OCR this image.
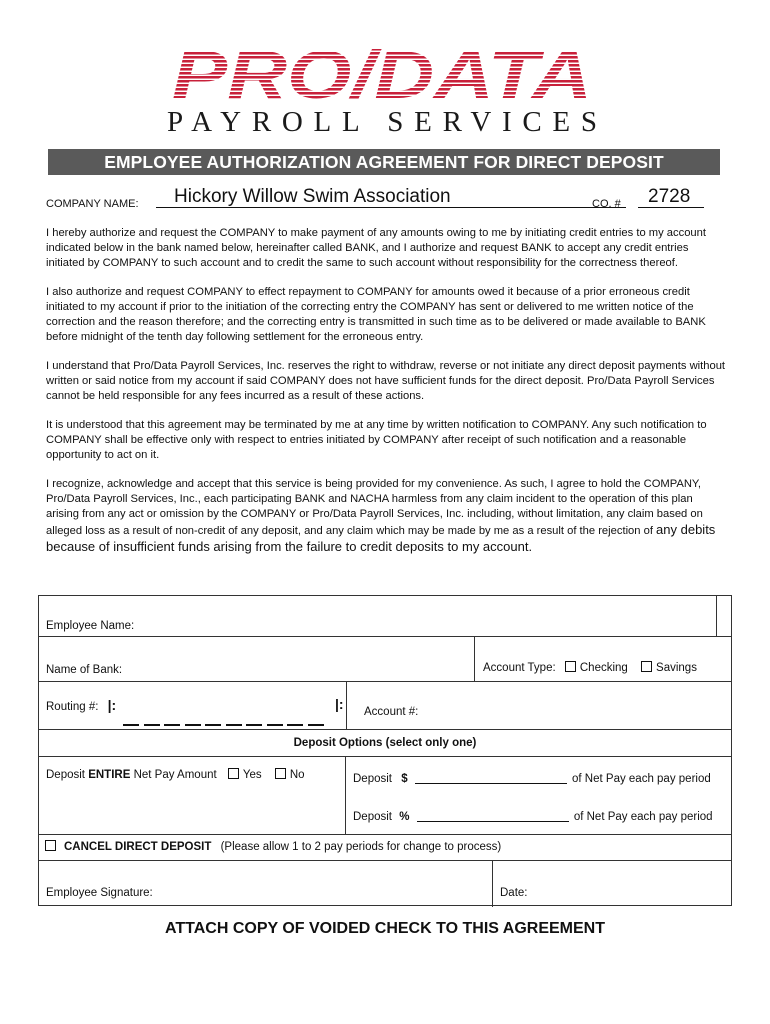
PRO/DATA
PAYROLL SERVICES
EMPLOYEE AUTHORIZATION AGREEMENT FOR DIRECT DEPOSIT
COMPANY NAME: Hickory Willow Swim Association	CO. # 2728

I hereby authorize and request the COMPANY to make payment of any amounts owing to me by initiating credit entries to my account indicated below in the bank named below, hereinafter called BANK, and I authorize and request BANK to accept any credit entries initiated by COMPANY to such account and to credit the same to such account without responsibility for the correctness thereof.

I also authorize and request COMPANY to effect repayment to COMPANY for amounts owed it because of a prior erroneous credit initiated to my account if prior to the initiation of the correcting entry the COMPANY has sent or delivered to me written notice of the correction and the reason therefore; and the correcting entry is transmitted in such time as to be delivered or made available to BANK before midnight of the tenth day following settlement for the erroneous entry.

I understand that Pro/Data Payroll Services, Inc. reserves the right to withdraw, reverse or not initiate any direct deposit payments without written or said notice from my account if said COMPANY does not have sufficient funds for the direct deposit. Pro/Data Payroll Services cannot be held responsible for any fees incurred as a result of these actions.

It is understood that this agreement may be terminated by me at any time by written notification to COMPANY. Any such notification to COMPANY shall be effective only with respect to entries initiated by COMPANY after receipt of such notification and a reasonable opportunity to act on it.

I recognize, acknowledge and accept that this service is being provided for my convenience. As such, I agree to hold the COMPANY, Pro/Data Payroll Services, Inc., each participating BANK and NACHA harmless from any claim incident to the operation of this plan arising from any act or omission by the COMPANY or Pro/Data Payroll Services, Inc. including, without limitation, any claim based on alleged loss as a result of non-credit of any deposit, and any claim which may be made by me as a result of the rejection of any debits because of insufficient funds arising from the failure to credit deposits to my account.

Employee Name:
Name of Bank:	Account Type: Checking Savings
Routing #: |:	|: Account #:
Deposit Options (select only one)
Deposit ENTIRE Net Pay Amount Yes No	Deposit $	of Net Pay each pay period
Deposit %	of Net Pay each pay period
CANCEL DIRECT DEPOSIT (Please allow 1 to 2 pay periods for change to process)
Employee Signature:	Date:
ATTACH COPY OF VOIDED CHECK TO THIS AGREEMENT
